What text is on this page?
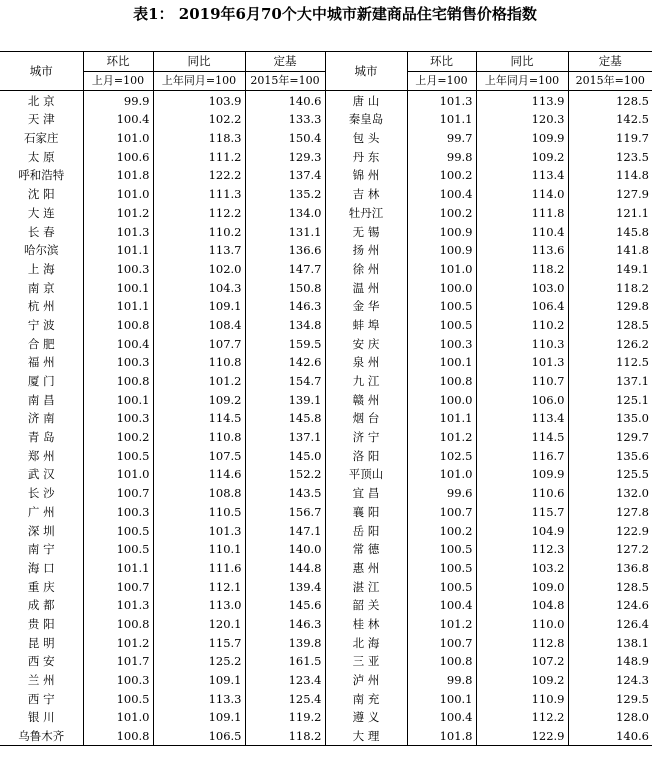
表1： 2019年6月70个大中城市新建商品住宅销售价格指数
城市	环比	同比	定基	城市	环比	同比	定基
	上月=100	上年同月=100	2015年=100		上月=100	上年同月=100	2015年=100
北 京	99.9	103.9	140.6	唐 山	101.3	113.9	128.5
天 津	100.4	102.2	133.3	秦皇岛	101.1	120.3	142.5
石家庄	101.0	118.3	150.4	包 头	99.7	109.9	119.7
太 原	100.6	111.2	129.3	丹 东	99.8	109.2	123.5
呼和浩特	101.8	122.2	137.4	锦 州	100.2	113.4	114.8
沈 阳	101.0	111.3	135.2	吉 林	100.4	114.0	127.9
大 连	101.2	112.2	134.0	牡丹江	100.2	111.8	121.1
长 春	101.3	110.2	131.1	无 锡	100.9	110.4	145.8
哈尔滨	101.1	113.7	136.6	扬 州	100.9	113.6	141.8
上 海	100.3	102.0	147.7	徐 州	101.0	118.2	149.1
南 京	100.1	104.3	150.8	温 州	100.0	103.0	118.2
杭 州	101.1	109.1	146.3	金 华	100.5	106.4	129.8
宁 波	100.8	108.4	134.8	蚌 埠	100.5	110.2	128.5
合 肥	100.4	107.7	159.5	安 庆	100.3	110.3	126.2
福 州	100.3	110.8	142.6	泉 州	100.1	101.3	112.5
厦 门	100.8	101.2	154.7	九 江	100.8	110.7	137.1
南 昌	100.1	109.2	139.1	赣 州	100.0	106.0	125.1
济 南	100.3	114.5	145.8	烟 台	101.1	113.4	135.0
青 岛	100.2	110.8	137.1	济 宁	101.2	114.5	129.7
郑 州	100.5	107.5	145.0	洛 阳	102.5	116.7	135.6
武 汉	101.0	114.6	152.2	平顶山	101.0	109.9	125.5
长 沙	100.7	108.8	143.5	宜 昌	99.6	110.6	132.0
广 州	100.3	110.5	156.7	襄 阳	100.7	115.7	127.8
深 圳	100.5	101.3	147.1	岳 阳	100.2	104.9	122.9
南 宁	100.5	110.1	140.0	常 德	100.5	112.3	127.2
海 口	101.1	111.6	144.8	惠 州	100.5	103.2	136.8
重 庆	100.7	112.1	139.4	湛 江	100.5	109.0	128.5
成 都	101.3	113.0	145.6	韶 关	100.4	104.8	124.6
贵 阳	100.8	120.1	146.3	桂 林	101.2	110.0	126.4
昆 明	101.2	115.7	139.8	北 海	100.7	112.8	138.1
西 安	101.7	125.2	161.5	三 亚	100.8	107.2	148.9
兰 州	100.3	109.1	123.4	泸 州	99.8	109.2	124.3
西 宁	100.5	113.3	125.4	南 充	100.1	110.9	129.5
银 川	101.0	109.1	119.2	遵 义	100.4	112.2	128.0
乌鲁木齐	100.8	106.5	118.2	大 理	101.8	122.9	140.6
